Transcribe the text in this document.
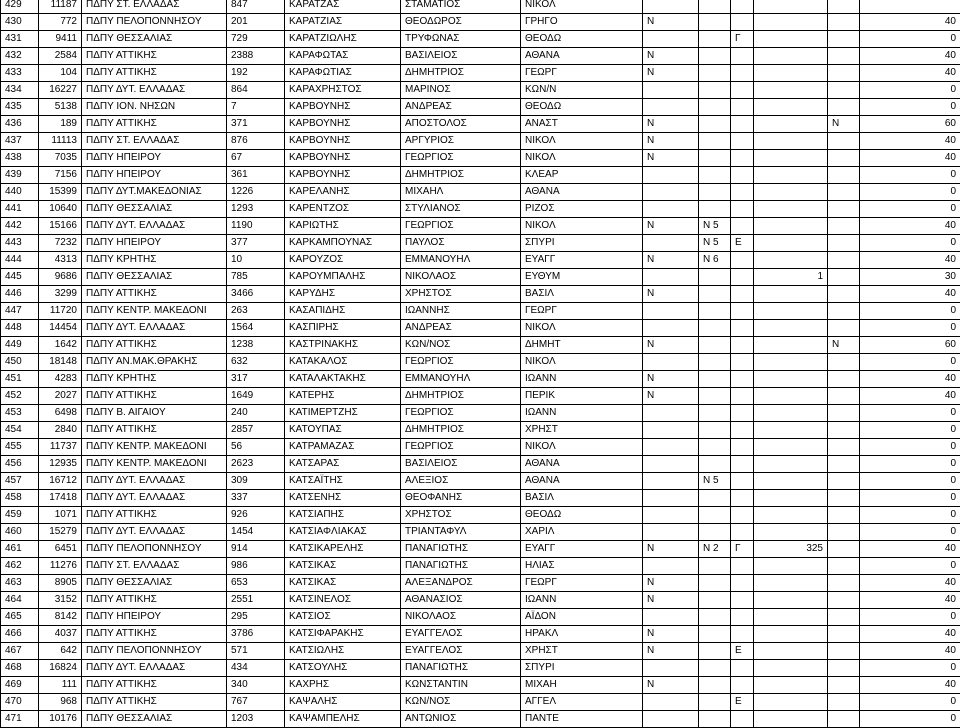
429	11187	ΠΔΠΥ ΣΤ. ΕΛΛΑΔΑΣ	847	ΚΑΡΑΤΖΑΣ	ΣΤΑΜΑΤΙΟΣ	ΝΙΚΟΛ						
430	772	ΠΔΠΥ ΠΕΛΟΠΟΝΝΗΣΟΥ	201	ΚΑΡΑΤΖΙΑΣ	ΘΕΟΔΩΡΟΣ	ΓΡΗΓΟ	Ν					40
431	9411	ΠΔΠΥ ΘΕΣΣΑΛΙΑΣ	729	ΚΑΡΑΤΖΙΩΛΗΣ	ΤΡΥΦΩΝΑΣ	ΘΕΟΔΩ			Γ			0
432	2584	ΠΔΠΥ ΑΤΤΙΚΗΣ	2388	ΚΑΡΑΦΩΤΑΣ	ΒΑΣΙΛΕΙΟΣ	ΑΘΑΝΑ	Ν					40
433	104	ΠΔΠΥ ΑΤΤΙΚΗΣ	192	ΚΑΡΑΦΩΤΙΑΣ	ΔΗΜΗΤΡΙΟΣ	ΓΕΩΡΓ	Ν					40
434	16227	ΠΔΠΥ ΔΥΤ. ΕΛΛΑΔΑΣ	864	ΚΑΡΑΧΡΗΣΤΟΣ	ΜΑΡΙΝΟΣ	ΚΩΝ/Ν						0
435	5138	ΠΔΠΥ ΙΟΝ. ΝΗΣΩΝ	7	ΚΑΡΒΟΥΝΗΣ	ΑΝΔΡΕΑΣ	ΘΕΟΔΩ						0
436	189	ΠΔΠΥ ΑΤΤΙΚΗΣ	371	ΚΑΡΒΟΥΝΗΣ	ΑΠΟΣΤΟΛΟΣ	ΑΝΑΣΤ	Ν				Ν	60
437	11113	ΠΔΠΥ ΣΤ. ΕΛΛΑΔΑΣ	876	ΚΑΡΒΟΥΝΗΣ	ΑΡΓΥΡΙΟΣ	ΝΙΚΟΛ	Ν					40
438	7035	ΠΔΠΥ ΗΠΕΙΡΟΥ	67	ΚΑΡΒΟΥΝΗΣ	ΓΕΩΡΓΙΟΣ	ΝΙΚΟΛ	Ν					40
439	7156	ΠΔΠΥ ΗΠΕΙΡΟΥ	361	ΚΑΡΒΟΥΝΗΣ	ΔΗΜΗΤΡΙΟΣ	ΚΛΕΑΡ						0
440	15399	ΠΔΠΥ ΔΥΤ.ΜΑΚΕΔΟΝΙΑΣ	1226	ΚΑΡΕΛΑΝΗΣ	ΜΙΧΑΗΛ	ΑΘΑΝΑ						0
441	10640	ΠΔΠΥ ΘΕΣΣΑΛΙΑΣ	1293	ΚΑΡΕΝΤΖΟΣ	ΣΤΥΛΙΑΝΟΣ	ΡΙΖΟΣ						0
442	15166	ΠΔΠΥ ΔΥΤ. ΕΛΛΑΔΑΣ	1190	ΚΑΡΙΩΤΗΣ	ΓΕΩΡΓΙΟΣ	ΝΙΚΟΛ	Ν	Ν 5				40
443	7232	ΠΔΠΥ ΗΠΕΙΡΟΥ	377	ΚΑΡΚΑΜΠΟΥΝΑΣ	ΠΑΥΛΟΣ	ΣΠΥΡΙ		Ν 5	Ε			0
444	4313	ΠΔΠΥ ΚΡΗΤΗΣ	10	ΚΑΡΟΥΖΟΣ	ΕΜΜΑΝΟΥΗΛ	ΕΥΑΓΓ	Ν	Ν 6				40
445	9686	ΠΔΠΥ ΘΕΣΣΑΛΙΑΣ	785	ΚΑΡΟΥΜΠΑΛΗΣ	ΝΙΚΟΛΑΟΣ	ΕΥΘΥΜ				1		30
446	3299	ΠΔΠΥ ΑΤΤΙΚΗΣ	3466	ΚΑΡΥΔΗΣ	ΧΡΗΣΤΟΣ	ΒΑΣΙΛ	Ν					40
447	11720	ΠΔΠΥ ΚΕΝΤΡ. ΜΑΚΕΔΟΝΙ	263	ΚΑΣΑΠΙΔΗΣ	ΙΩΑΝΝΗΣ	ΓΕΩΡΓ						0
448	14454	ΠΔΠΥ ΔΥΤ. ΕΛΛΑΔΑΣ	1564	ΚΑΣΠΙΡΗΣ	ΑΝΔΡΕΑΣ	ΝΙΚΟΛ						0
449	1642	ΠΔΠΥ ΑΤΤΙΚΗΣ	1238	ΚΑΣΤΡΙΝΑΚΗΣ	ΚΩΝ/ΝΟΣ	ΔΗΜΗΤ	Ν				Ν	60
450	18148	ΠΔΠΥ ΑΝ.ΜΑΚ.ΘΡΑΚΗΣ	632	ΚΑΤΑΚΑΛΟΣ	ΓΕΩΡΓΙΟΣ	ΝΙΚΟΛ						0
451	4283	ΠΔΠΥ ΚΡΗΤΗΣ	317	ΚΑΤΑΛΑΚΤΑΚΗΣ	ΕΜΜΑΝΟΥΗΛ	ΙΩΑΝΝ	Ν					40
452	2027	ΠΔΠΥ ΑΤΤΙΚΗΣ	1649	ΚΑΤΕΡΗΣ	ΔΗΜΗΤΡΙΟΣ	ΠΕΡΙΚ	Ν					40
453	6498	ΠΔΠΥ Β. ΑΙΓΑΙΟΥ	240	ΚΑΤΙΜΕΡΤΖΗΣ	ΓΕΩΡΓΙΟΣ	ΙΩΑΝΝ						0
454	2840	ΠΔΠΥ ΑΤΤΙΚΗΣ	2857	ΚΑΤΟΥΠΑΣ	ΔΗΜΗΤΡΙΟΣ	ΧΡΗΣΤ						0
455	11737	ΠΔΠΥ ΚΕΝΤΡ. ΜΑΚΕΔΟΝΙ	56	ΚΑΤΡΑΜΑΖΑΣ	ΓΕΩΡΓΙΟΣ	ΝΙΚΟΛ						0
456	12935	ΠΔΠΥ ΚΕΝΤΡ. ΜΑΚΕΔΟΝΙ	2623	ΚΑΤΣΑΡΑΣ	ΒΑΣΙΛΕΙΟΣ	ΑΘΑΝΑ						0
457	16712	ΠΔΠΥ ΔΥΤ. ΕΛΛΑΔΑΣ	309	ΚΑΤΣΑΪΤΗΣ	ΑΛΕΞΙΟΣ	ΑΘΑΝΑ		Ν 5				0
458	17418	ΠΔΠΥ ΔΥΤ. ΕΛΛΑΔΑΣ	337	ΚΑΤΣΕΝΗΣ	ΘΕΟΦΑΝΗΣ	ΒΑΣΙΛ						0
459	1071	ΠΔΠΥ ΑΤΤΙΚΗΣ	926	ΚΑΤΣΙΑΠΗΣ	ΧΡΗΣΤΟΣ	ΘΕΟΔΩ						0
460	15279	ΠΔΠΥ ΔΥΤ. ΕΛΛΑΔΑΣ	1454	ΚΑΤΣΙΑΦΛΙΑΚΑΣ	ΤΡΙΑΝΤΑΦΥΛ	ΧΑΡΙΛ						0
461	6451	ΠΔΠΥ ΠΕΛΟΠΟΝΝΗΣΟΥ	914	ΚΑΤΣΙΚΑΡΕΛΗΣ	ΠΑΝΑΓΙΩΤΗΣ	ΕΥΑΓΓ	Ν	Ν 2	Γ	325		40
462	11276	ΠΔΠΥ ΣΤ. ΕΛΛΑΔΑΣ	986	ΚΑΤΣΙΚΑΣ	ΠΑΝΑΓΙΩΤΗΣ	ΗΛΙΑΣ						0
463	8905	ΠΔΠΥ ΘΕΣΣΑΛΙΑΣ	653	ΚΑΤΣΙΚΑΣ	ΑΛΕΞΑΝΔΡΟΣ	ΓΕΩΡΓ	Ν					40
464	3152	ΠΔΠΥ ΑΤΤΙΚΗΣ	2551	ΚΑΤΣΙΝΕΛΟΣ	ΑΘΑΝΑΣΙΟΣ	ΙΩΑΝΝ	Ν					40
465	8142	ΠΔΠΥ ΗΠΕΙΡΟΥ	295	ΚΑΤΣΙΟΣ	ΝΙΚΟΛΑΟΣ	ΑΪΔΟΝ						0
466	4037	ΠΔΠΥ ΑΤΤΙΚΗΣ	3786	ΚΑΤΣΙΦΑΡΑΚΗΣ	ΕΥΑΓΓΕΛΟΣ	ΗΡΑΚΛ	Ν					40
467	642	ΠΔΠΥ ΠΕΛΟΠΟΝΝΗΣΟΥ	571	ΚΑΤΣΙΩΛΗΣ	ΕΥΑΓΓΕΛΟΣ	ΧΡΗΣΤ	Ν		Ε			40
468	16824	ΠΔΠΥ ΔΥΤ. ΕΛΛΑΔΑΣ	434	ΚΑΤΣΟΥΛΗΣ	ΠΑΝΑΓΙΩΤΗΣ	ΣΠΥΡΙ						0
469	111	ΠΔΠΥ ΑΤΤΙΚΗΣ	340	ΚΑΧΡΗΣ	ΚΩΝΣΤΑΝΤΙΝ	ΜΙΧΑΗ	Ν					40
470	968	ΠΔΠΥ ΑΤΤΙΚΗΣ	767	ΚΑΨΑΛΗΣ	ΚΩΝ/ΝΟΣ	ΑΓΓΕΛ			Ε			0
471	10176	ΠΔΠΥ ΘΕΣΣΑΛΙΑΣ	1203	ΚΑΨΑΜΠΕΛΗΣ	ΑΝΤΩΝΙΟΣ	ΠΑΝΤΕ						0
